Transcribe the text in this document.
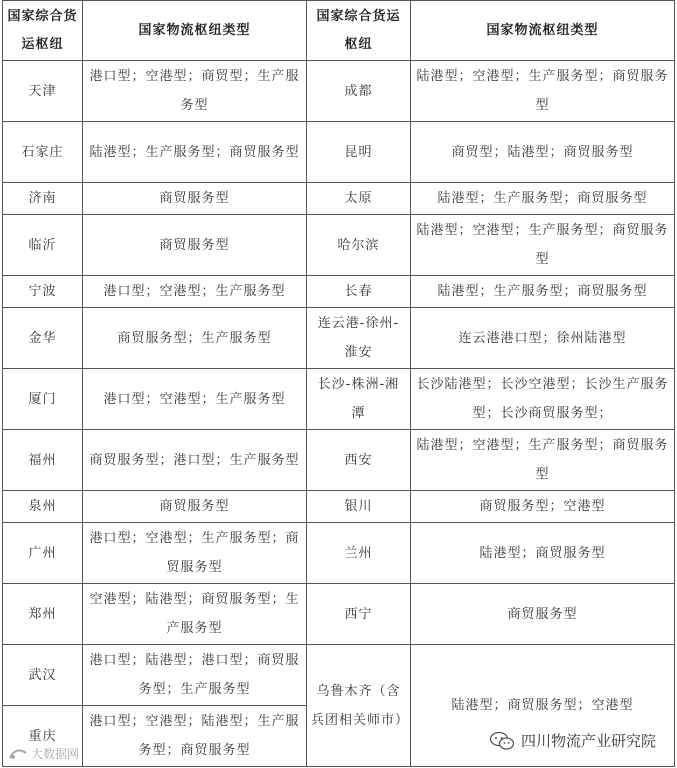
国家综合货运枢纽	国家物流枢纽类型	国家综合货运枢纽	国家物流枢纽类型
天津	港口型；空港型；商贸型；生产服务型	成都	陆港型；空港型；生产服务型；商贸服务型
石家庄	陆港型；生产服务型；商贸服务型	昆明	商贸型；陆港型；商贸服务型
济南	商贸服务型	太原	陆港型；生产服务型；商贸服务型
临沂	商贸服务型	哈尔滨	陆港型；空港型；生产服务型；商贸服务型
宁波	港口型；空港型；生产服务型	长春	陆港型；生产服务型；商贸服务型
金华	商贸服务型；生产服务型	连云港-徐州-淮安	连云港港口型；徐州陆港型
厦门	港口型；空港型；生产服务型	长沙-株洲-湘潭	长沙陆港型；长沙空港型；长沙生产服务型；长沙商贸服务型；
福州	商贸服务型；港口型；生产服务型	西安	陆港型；空港型；生产服务型；商贸服务型
泉州	商贸服务型	银川	商贸服务型；空港型
广州	港口型；空港型；生产服务型；商贸服务型	兰州	陆港型；商贸服务型
郑州	空港型；陆港型；商贸服务型；生产服务型	西宁	商贸服务型
武汉	港口型；陆港型；港口型；商贸服务型；生产服务型	乌鲁木齐（含兵团相关师市）	陆港型；商贸服务型；空港型
重庆	港口型；空港型；陆港型；生产服务型；商贸服务型		
大数据网
四川物流产业研究院
